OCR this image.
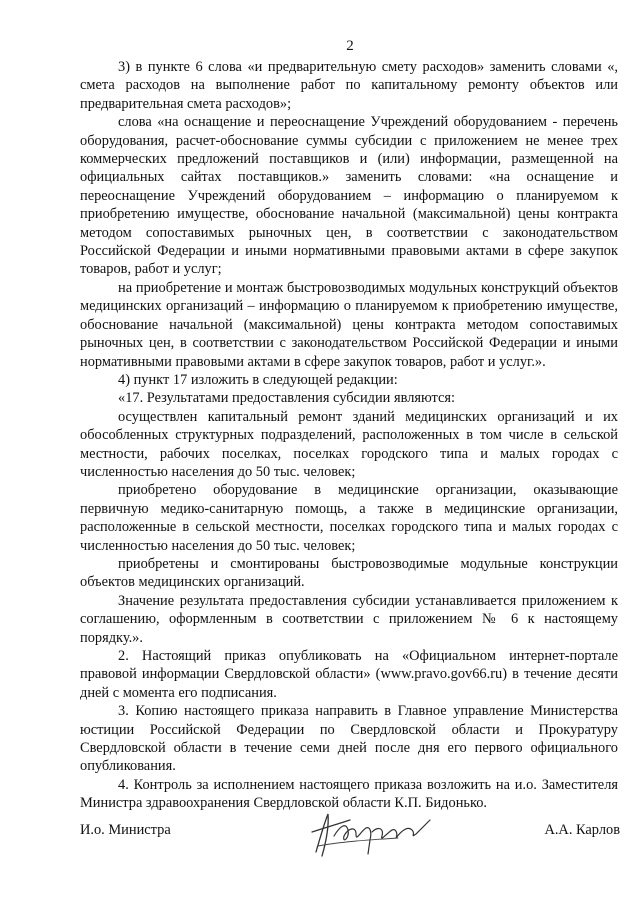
2

3) в пункте 6 слова «и предварительную смету расходов» заменить словами «, смета расходов на выполнение работ по капитальному ремонту объектов или предварительная смета расходов»;

слова «на оснащение и переоснащение Учреждений оборудованием - перечень оборудования, расчет-обоснование суммы субсидии с приложением не менее трех коммерческих предложений поставщиков и (или) информации, размещенной на официальных сайтах поставщиков.» заменить словами: «на оснащение и переоснащение Учреждений оборудованием – информацию о планируемом к приобретению имуществе, обоснование начальной (максимальной) цены контракта методом сопоставимых рыночных цен, в соответствии с законодательством Российской Федерации и иными нормативными правовыми актами в сфере закупок товаров, работ и услуг;

на приобретение и монтаж быстровозводимых модульных конструкций объектов медицинских организаций – информацию о планируемом к приобретению имуществе, обоснование начальной (максимальной) цены контракта методом сопоставимых рыночных цен, в соответствии с законодательством Российской Федерации и иными нормативными правовыми актами в сфере закупок товаров, работ и услуг.».

4) пункт 17 изложить в следующей редакции:

«17. Результатами предоставления субсидии являются:

осуществлен капитальный ремонт зданий медицинских организаций и их обособленных структурных подразделений, расположенных в том числе в сельской местности, рабочих поселках, поселках городского типа и малых городах с численностью населения до 50 тыс. человек;

приобретено оборудование в медицинские организации, оказывающие первичную медико-санитарную помощь, а также в медицинские организации, расположенные в сельской местности, поселках городского типа и малых городах с численностью населения до 50 тыс. человек;

приобретены и смонтированы быстровозводимые модульные конструкции объектов медицинских организаций.

Значение результата предоставления субсидии устанавливается приложением к соглашению, оформленным в соответствии с приложением № 6 к настоящему порядку.».

2. Настоящий приказ опубликовать на «Официальном интернет-портале правовой информации Свердловской области» (www.pravo.gov66.ru) в течение десяти дней с момента его подписания.

3. Копию настоящего приказа направить в Главное управление Министерства юстиции Российской Федерации по Свердловской области и Прокуратуру Свердловской области в течение семи дней после дня его первого официального опубликования.

4. Контроль за исполнением настоящего приказа возложить на и.о. Заместителя Министра здравоохранения Свердловской области К.П. Бидонько.

И.о. Министра	А.А. Карлов
